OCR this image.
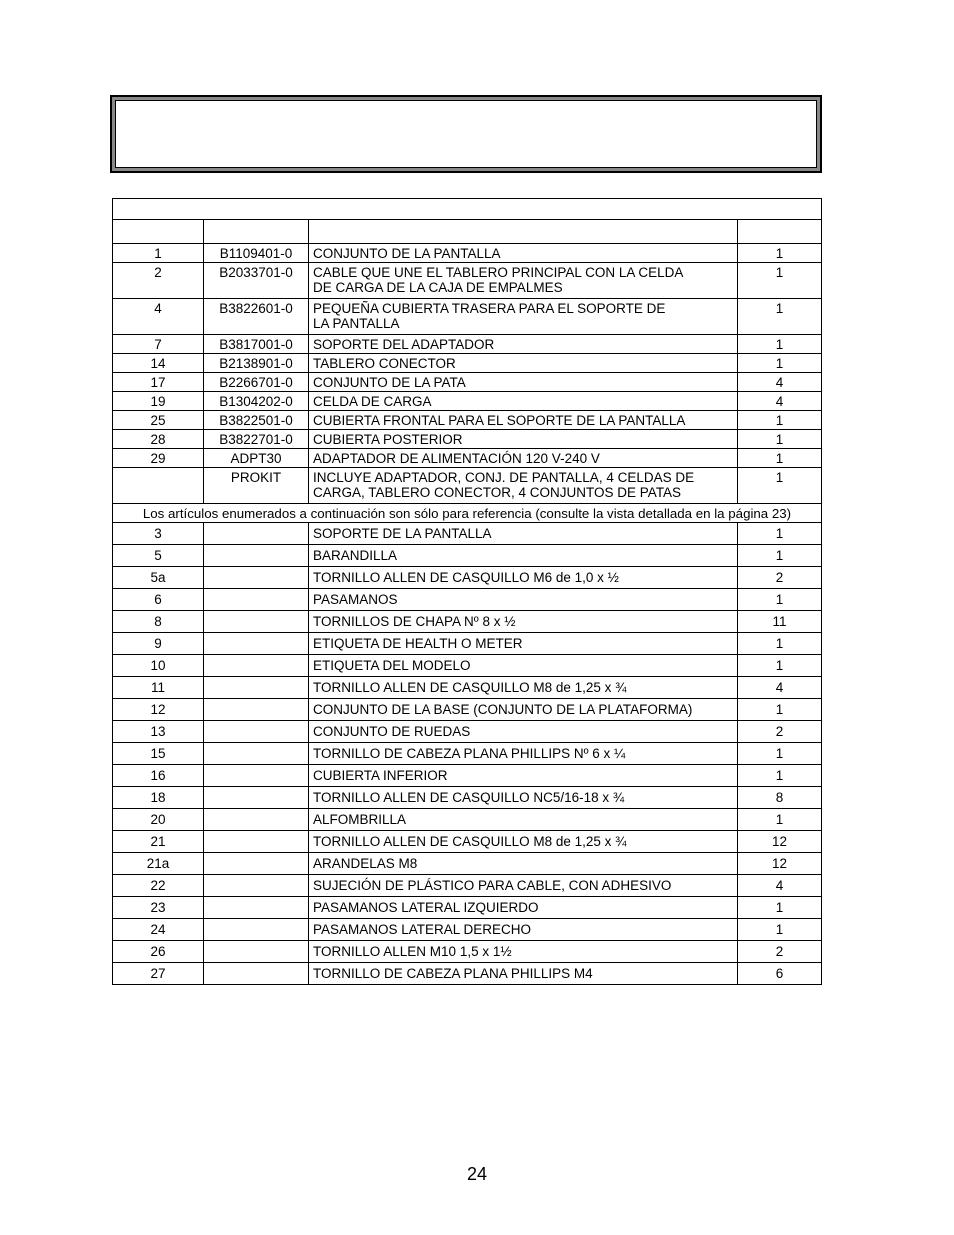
1	B1109401-0	CONJUNTO DE LA PANTALLA	1
2	B2033701-0	CABLE QUE UNE EL TABLERO PRINCIPAL CON LA CELDA
DE CARGA DE LA CAJA DE EMPALMES	1
4	B3822601-0	PEQUEÑA CUBIERTA TRASERA PARA EL SOPORTE DE
LA PANTALLA	1
7	B3817001-0	SOPORTE DEL ADAPTADOR	1
14	B2138901-0	TABLERO CONECTOR	1
17	B2266701-0	CONJUNTO DE LA PATA	4
19	B1304202-0	CELDA DE CARGA	4
25	B3822501-0	CUBIERTA FRONTAL PARA EL SOPORTE DE LA PANTALLA	1
28	B3822701-0	CUBIERTA POSTERIOR	1
29	ADPT30	ADAPTADOR DE ALIMENTACIÓN 120 V-240 V	1
	PROKIT	INCLUYE ADAPTADOR, CONJ. DE PANTALLA, 4 CELDAS DE
CARGA, TABLERO CONECTOR, 4 CONJUNTOS DE PATAS	1
Los artículos enumerados a continuación son sólo para referencia (consulte la vista detallada en la página 23)			
3		SOPORTE DE LA PANTALLA	1
5		BARANDILLA	1
5a		TORNILLO ALLEN DE CASQUILLO M6 de 1,0 x ½	2
6		PASAMANOS	1
8		TORNILLOS DE CHAPA Nº 8 x ½	11
9		ETIQUETA DE HEALTH O METER	1
10		ETIQUETA DEL MODELO	1
11		TORNILLO ALLEN DE CASQUILLO M8 de 1,25 x ¾	4
12		CONJUNTO DE LA BASE (CONJUNTO DE LA PLATAFORMA)	1
13		CONJUNTO DE RUEDAS	2
15		TORNILLO DE CABEZA PLANA PHILLIPS Nº 6 x ¼	1
16		CUBIERTA INFERIOR	1
18		TORNILLO ALLEN DE CASQUILLO NC5/16-18 x ¾	8
20		ALFOMBRILLA	1
21		TORNILLO ALLEN DE CASQUILLO M8 de 1,25 x ¾	12
21a		ARANDELAS M8	12
22		SUJECIÓN DE PLÁSTICO PARA CABLE, CON ADHESIVO	4
23		PASAMANOS LATERAL IZQUIERDO	1
24		PASAMANOS LATERAL DERECHO	1
26		TORNILLO ALLEN M10 1,5 x 1½	2
27		TORNILLO DE CABEZA PLANA PHILLIPS M4	6
24
